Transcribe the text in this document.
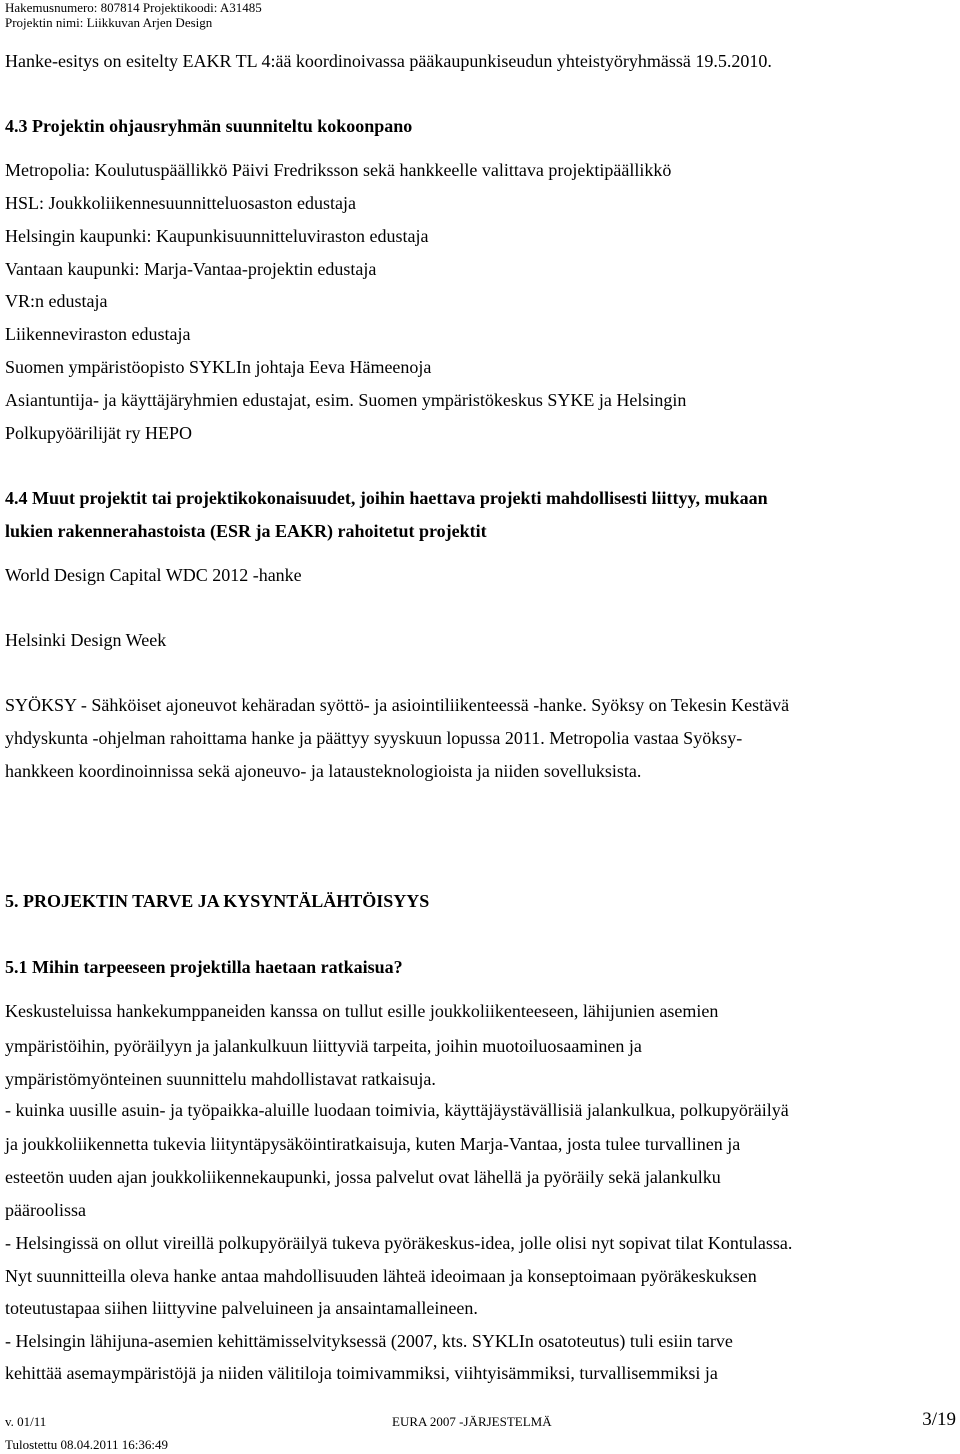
Hakemusnumero: 807814 Projektikoodi: A31485
Projektin nimi: Liikkuvan Arjen Design
Hanke-esitys on esitelty EAKR TL 4:ää koordinoivassa pääkaupunkiseudun yhteistyöryhmässä 19.5.2010.
4.3 Projektin ohjausryhmän suunniteltu kokoonpano
Metropolia: Koulutuspäällikkö Päivi Fredriksson sekä hankkeelle valittava projektipäällikkö
HSL: Joukkoliikennesuunnitteluosaston edustaja
Helsingin kaupunki: Kaupunkisuunnitteluviraston edustaja
Vantaan kaupunki: Marja-Vantaa-projektin edustaja
VR:n edustaja
Liikenneviraston edustaja
Suomen ympäristöopisto SYKLIn johtaja Eeva Hämeenoja
Asiantuntija- ja käyttäjäryhmien edustajat, esim. Suomen ympäristökeskus SYKE ja Helsingin
Polkupyöärilijät ry HEPO
4.4 Muut projektit tai projektikokonaisuudet, joihin haettava projekti mahdollisesti liittyy, mukaan
lukien rakennerahastoista (ESR ja EAKR) rahoitetut projektit
World Design Capital WDC 2012 -hanke
Helsinki Design Week
SYÖKSY - Sähköiset ajoneuvot kehäradan syöttö- ja asiointiliikenteessä -hanke. Syöksy on Tekesin Kestävä
yhdyskunta -ohjelman rahoittama hanke ja päättyy syyskuun lopussa 2011. Metropolia vastaa Syöksy-
hankkeen koordinoinnissa sekä ajoneuvo- ja latausteknologioista ja niiden sovelluksista.
5. PROJEKTIN TARVE JA KYSYNTÄLÄHTÖISYYS
5.1 Mihin tarpeeseen projektilla haetaan ratkaisua?
Keskusteluissa hankekumppaneiden kanssa on tullut esille joukkoliikenteeseen, lähijunien asemien
ympäristöihin, pyöräilyyn ja jalankulkuun liittyviä tarpeita, joihin muotoiluosaaminen ja
ympäristömyönteinen suunnittelu mahdollistavat ratkaisuja.
- kuinka uusille asuin- ja työpaikka-aluille luodaan toimivia, käyttäjäystävällisiä jalankulkua, polkupyöräilyä
ja joukkoliikennetta tukevia liityntäpysäköintiratkaisuja, kuten Marja-Vantaa, josta tulee turvallinen ja
esteetön uuden ajan joukkoliikennekaupunki, jossa palvelut ovat lähellä ja pyöräily sekä jalankulku
pääroolissa
- Helsingissä on ollut vireillä polkupyöräilyä tukeva pyöräkeskus-idea, jolle olisi nyt sopivat tilat Kontulassa.
Nyt suunnitteilla oleva hanke antaa mahdollisuuden lähteä ideoimaan ja konseptoimaan pyöräkeskuksen
toteutustapaa siihen liittyvine palveluineen ja ansaintamalleineen.
- Helsingin lähijuna-asemien kehittämisselvityksessä (2007, kts. SYKLIn osatoteutus) tuli esiin tarve
kehittää asemaympäristöjä ja niiden välitiloja toimivammiksi, viihtyisämmiksi, turvallisemmiksi ja
v. 01/11
Tulostettu 08.04.2011 16:36:49
EURA 2007 -JÄRJESTELMÄ	3/19
